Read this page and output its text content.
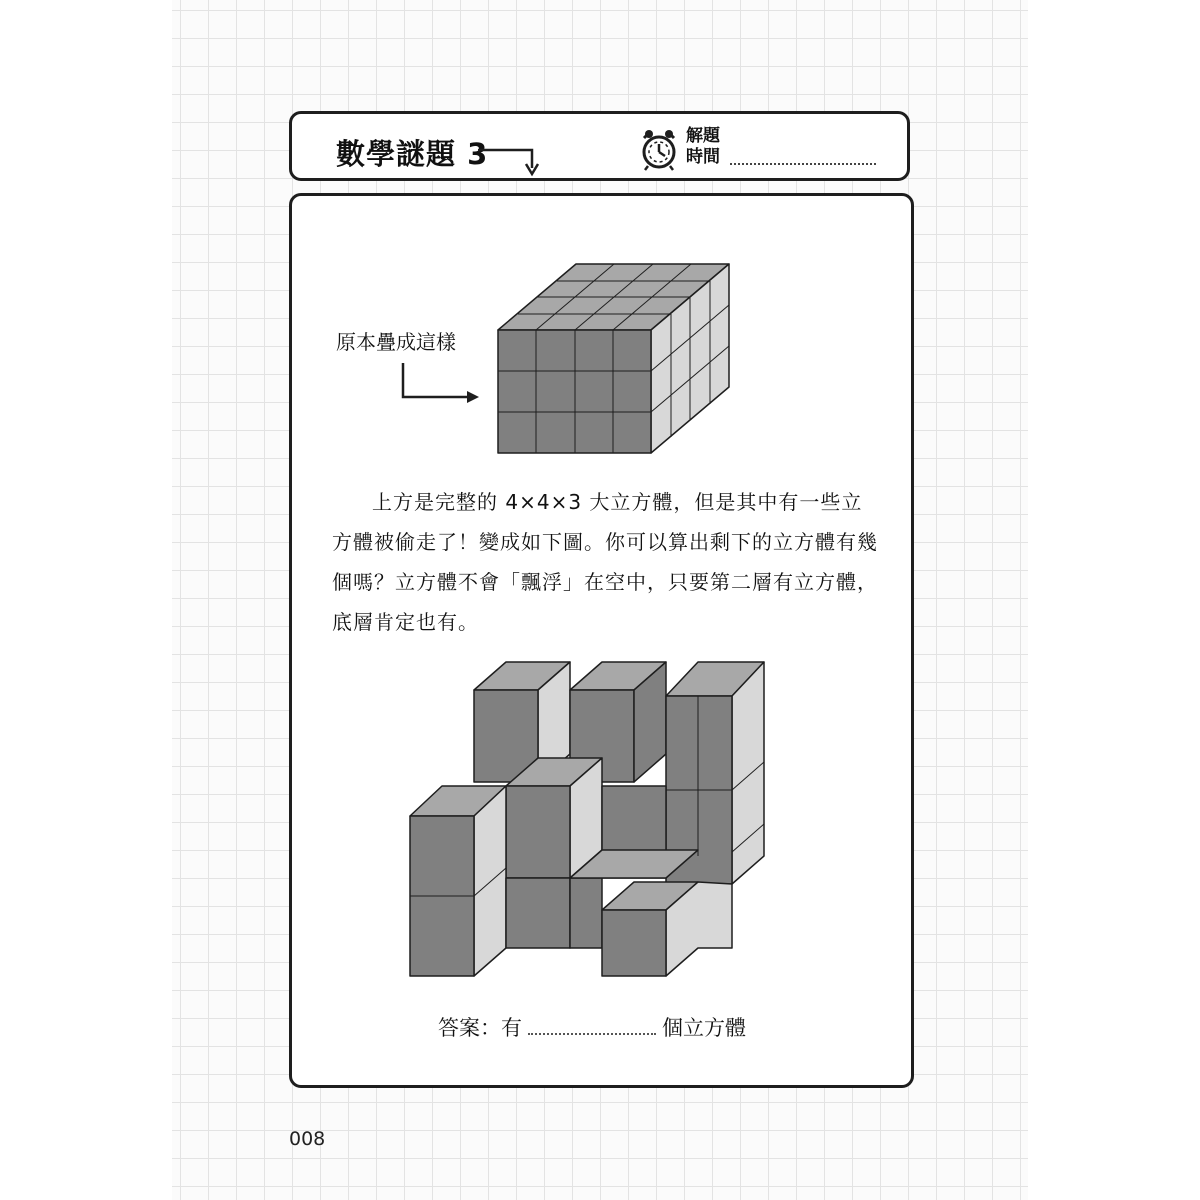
數學謎題 3
解題
時間
原本疊成這樣
上方是完整的 4×4×3 大立方體，但是其中有一些立方體被偷走了！變成如下圖。你可以算出剩下的立方體有幾個嗎？立方體不會「飄浮」在空中，只要第二層有立方體，底層肯定也有。
答案：有	個立方體
008
